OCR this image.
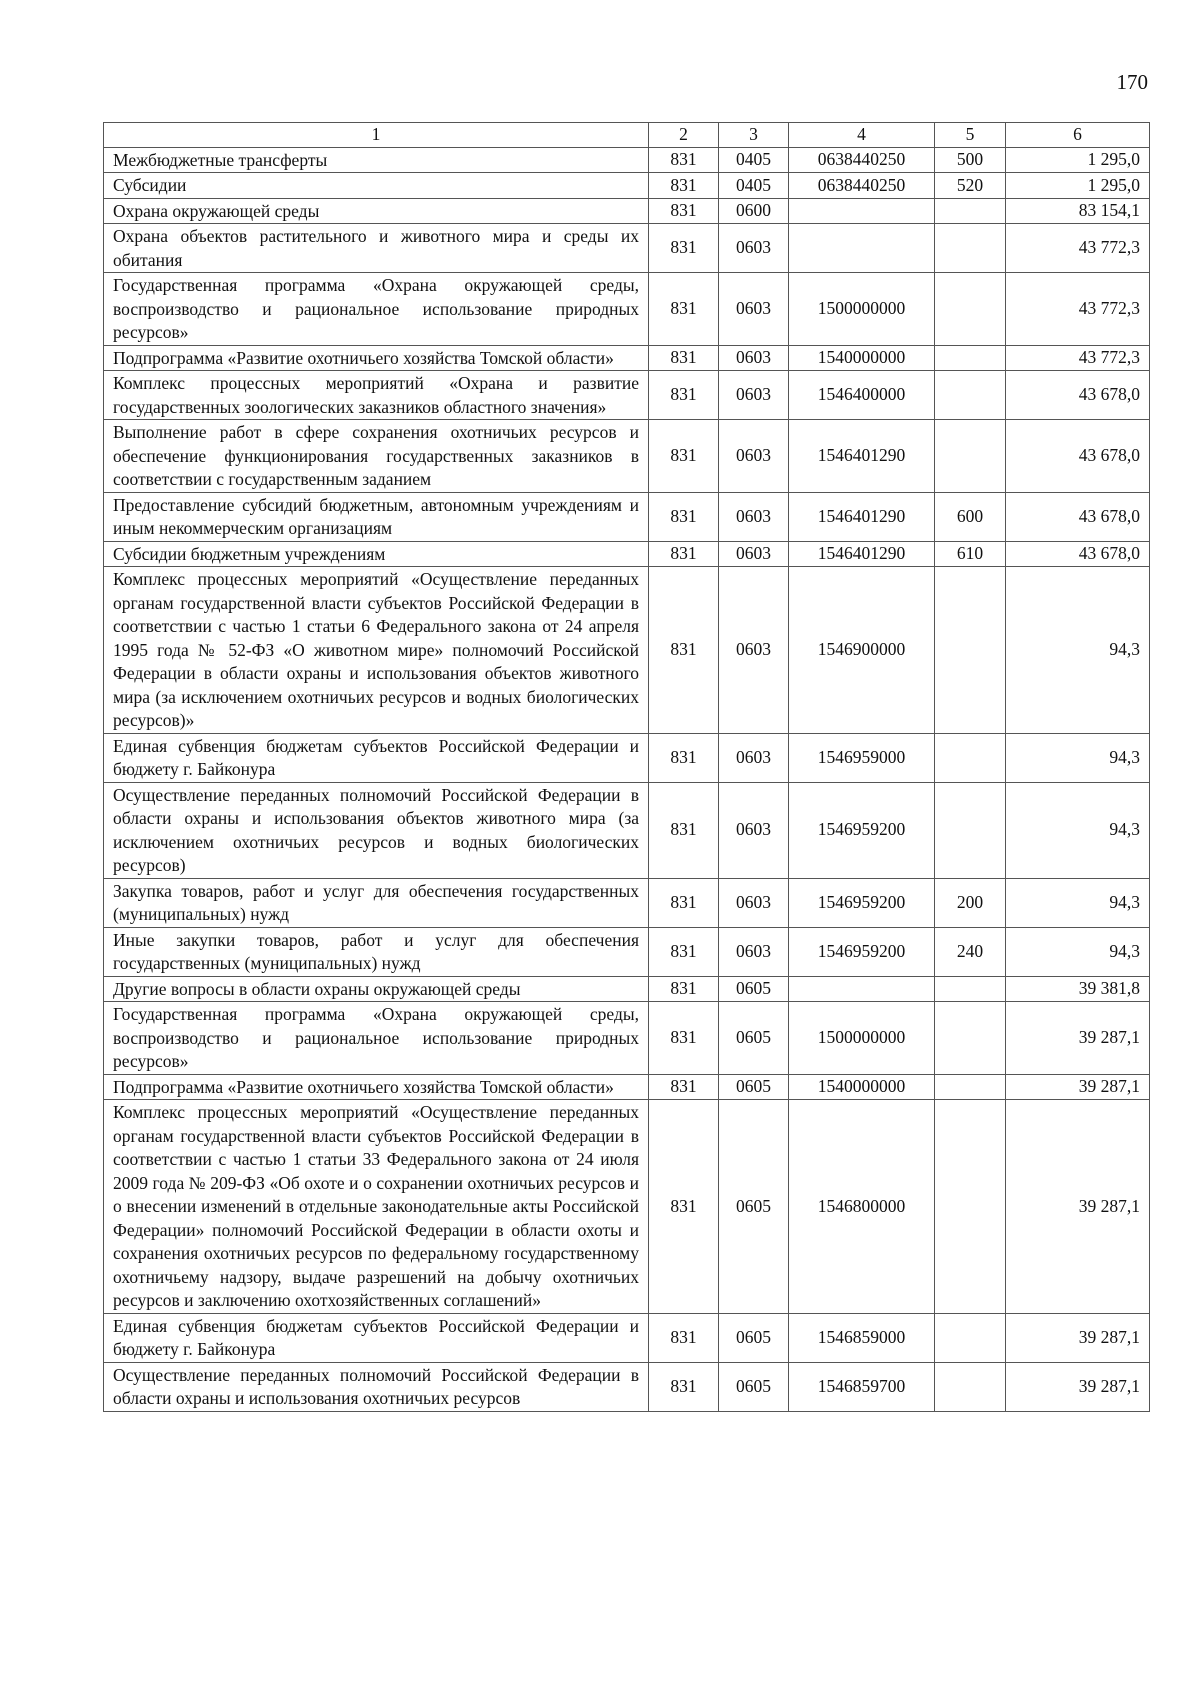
170
1	2	3	4	5	6
Межбюджетные трансферты	831	0405	0638440250	500	1 295,0
Субсидии	831	0405	0638440250	520	1 295,0
Охрана окружающей среды	831	0600			83 154,1
Охрана объектов растительного и животного мира и среды их обитания	831	0603			43 772,3
Государственная программа «Охрана окружающей среды, воспроизводство и рациональное использование природных ресурсов»	831	0603	1500000000		43 772,3
Подпрограмма «Развитие охотничьего хозяйства Томской области»	831	0603	1540000000		43 772,3
Комплекс процессных мероприятий «Охрана и развитие государственных зоологических заказников областного значения»	831	0603	1546400000		43 678,0
Выполнение работ в сфере сохранения охотничьих ресурсов и обеспечение функционирования государственных заказников в соответствии с государственным заданием	831	0603	1546401290		43 678,0
Предоставление субсидий бюджетным, автономным учреждениям и иным некоммерческим организациям	831	0603	1546401290	600	43 678,0
Субсидии бюджетным учреждениям	831	0603	1546401290	610	43 678,0
Комплекс процессных мероприятий «Осуществление переданных органам государственной власти субъектов Российской Федерации в соответствии с частью 1 статьи 6 Федерального закона от 24 апреля 1995 года № 52-ФЗ «О животном мире» полномочий Российской Федерации в области охраны и использования объектов животного мира (за исключением охотничьих ресурсов и водных биологических ресурсов)»	831	0603	1546900000		94,3
Единая субвенция бюджетам субъектов Российской Федерации и бюджету г. Байконура	831	0603	1546959000		94,3
Осуществление переданных полномочий Российской Федерации в области охраны и использования объектов животного мира (за исключением охотничьих ресурсов и водных биологических ресурсов)	831	0603	1546959200		94,3
Закупка товаров, работ и услуг для обеспечения государственных (муниципальных) нужд	831	0603	1546959200	200	94,3
Иные закупки товаров, работ и услуг для обеспечения государственных (муниципальных) нужд	831	0603	1546959200	240	94,3
Другие вопросы в области охраны окружающей среды	831	0605			39 381,8
Государственная программа «Охрана окружающей среды, воспроизводство и рациональное использование природных ресурсов»	831	0605	1500000000		39 287,1
Подпрограмма «Развитие охотничьего хозяйства Томской области»	831	0605	1540000000		39 287,1
Комплекс процессных мероприятий «Осуществление переданных органам государственной власти субъектов Российской Федерации в соответствии с частью 1 статьи 33 Федерального закона от 24 июля 2009 года № 209-ФЗ «Об охоте и о сохранении охотничьих ресурсов и о внесении изменений в отдельные законодательные акты Российской Федерации» полномочий Российской Федерации в области охоты и сохранения охотничьих ресурсов по федеральному государственному охотничьему надзору, выдаче разрешений на добычу охотничьих ресурсов и заключению охотхозяйственных соглашений»	831	0605	1546800000		39 287,1
Единая субвенция бюджетам субъектов Российской Федерации и бюджету г. Байконура	831	0605	1546859000		39 287,1
Осуществление переданных полномочий Российской Федерации в области охраны и использования охотничьих ресурсов	831	0605	1546859700		39 287,1
